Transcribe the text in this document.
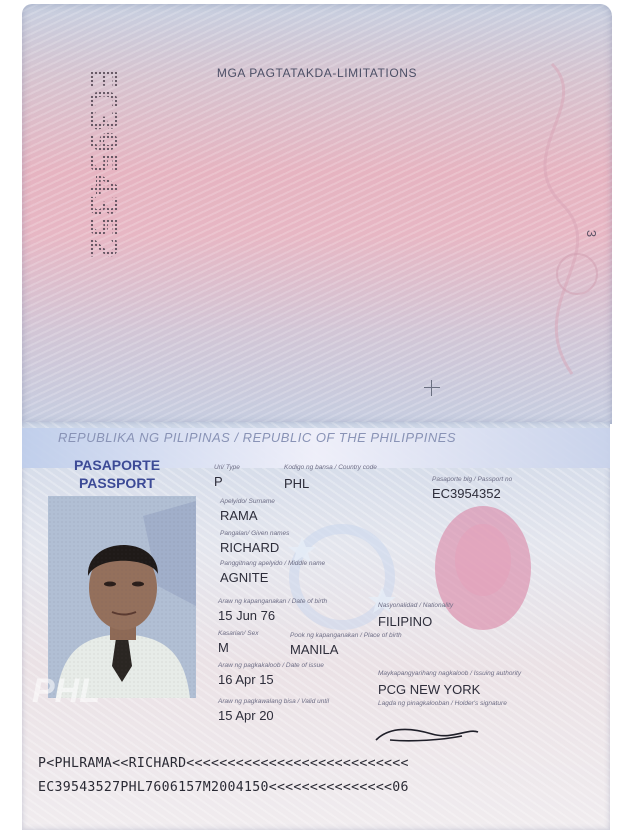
MGA PAGTATAKDA-LIMITATIONS
EC3954352	3
REPUBLIKA NG PILIPINAS / REPUBLIC OF THE PHILIPPINES
PASAPORTE
PASSPORT
Uri/ Type
P
Kodigo ng bansa / Country code
PHL	Pasaporte blg / Passport no
EC3954352
Apelyido/ Surname
RAMA
Pangalan/ Given names
RICHARD
Panggitnang apelyido / Middle name
AGNITE
Araw ng kapanganakan / Date of birth
15 Jun 76
Nasyonalidad / Nationality
FILIPINO
Kasarian/ Sex
M
Pook ng kapanganakan / Place of birth
MANILA
Araw ng pagkakaloob / Date of issue
16 Apr 15	Maykapangyarihang nagkaloob / Issuing authority
PCG NEW YORK
Araw ng pagkawalang bisa / Valid until
15 Apr 20
Lagda ng pinagkalooban / Holder's signature
PHL
P<PHLRAMA<<RICHARD<<<<<<<<<<<<<<<<<<<<<<<<<<<
EC39543527PHL7606157M2004150<<<<<<<<<<<<<<<06
